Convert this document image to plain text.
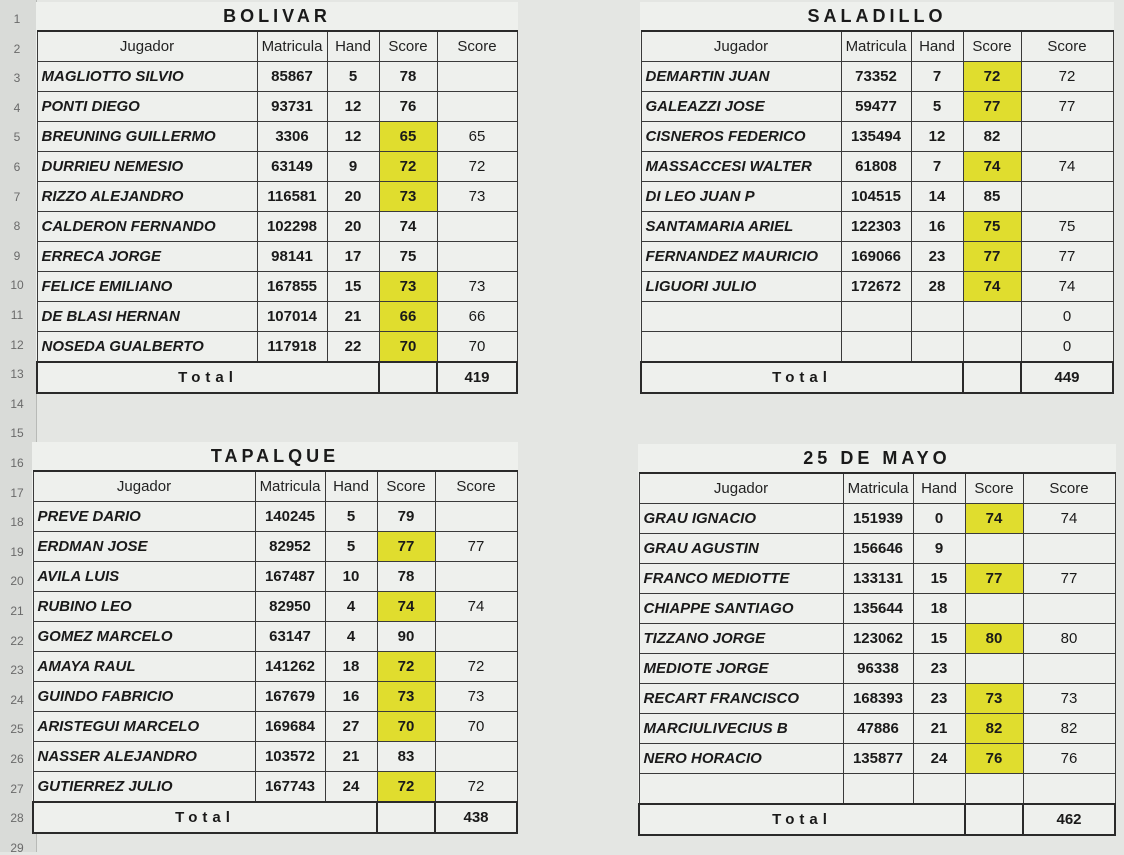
1
2
3
4
5
6
7
8
9
10
11
12
13
14
15
16
17
18
19
20
21
22
23
24
25
26
27
28
29
BOLIVAR				
Jugador	Matricula	Hand	Score	Score
MAGLIOTTO SILVIO	85867	5	78	
PONTI DIEGO	93731	12	76	
BREUNING GUILLERMO	3306	12	65	65
DURRIEU NEMESIO	63149	9	72	72
RIZZO ALEJANDRO	116581	20	73	73
CALDERON FERNANDO	102298	20	74	
ERRECA JORGE	98141	17	75	
FELICE EMILIANO	167855	15	73	73
DE BLASI HERNAN	107014	21	66	66
NOSEDA GUALBERTO	117918	22	70	70
Total				419
SALADILLO				
Jugador	Matricula	Hand	Score	Score
DEMARTIN JUAN	73352	7	72	72
GALEAZZI JOSE	59477	5	77	77
CISNEROS FEDERICO	135494	12	82	
MASSACCESI WALTER	61808	7	74	74
DI LEO JUAN P	104515	14	85	
SANTAMARIA ARIEL	122303	16	75	75
FERNANDEZ MAURICIO	169066	23	77	77
LIGUORI JULIO	172672	28	74	74
				0
				0
Total				449
TAPALQUE				
Jugador	Matricula	Hand	Score	Score
PREVE DARIO	140245	5	79	
ERDMAN JOSE	82952	5	77	77
AVILA LUIS	167487	10	78	
RUBINO LEO	82950	4	74	74
GOMEZ MARCELO	63147	4	90	
AMAYA RAUL	141262	18	72	72
GUINDO FABRICIO	167679	16	73	73
ARISTEGUI MARCELO	169684	27	70	70
NASSER ALEJANDRO	103572	21	83	
GUTIERREZ JULIO	167743	24	72	72
Total				438
25 DE MAYO				
Jugador	Matricula	Hand	Score	Score
GRAU IGNACIO	151939	0	74	74
GRAU AGUSTIN	156646	9		
FRANCO MEDIOTTE	133131	15	77	77
CHIAPPE SANTIAGO	135644	18		
TIZZANO JORGE	123062	15	80	80
MEDIOTE JORGE	96338	23		
RECART FRANCISCO	168393	23	73	73
MARCIULIVECIUS B	47886	21	82	82
NERO HORACIO	135877	24	76	76

Total				462
